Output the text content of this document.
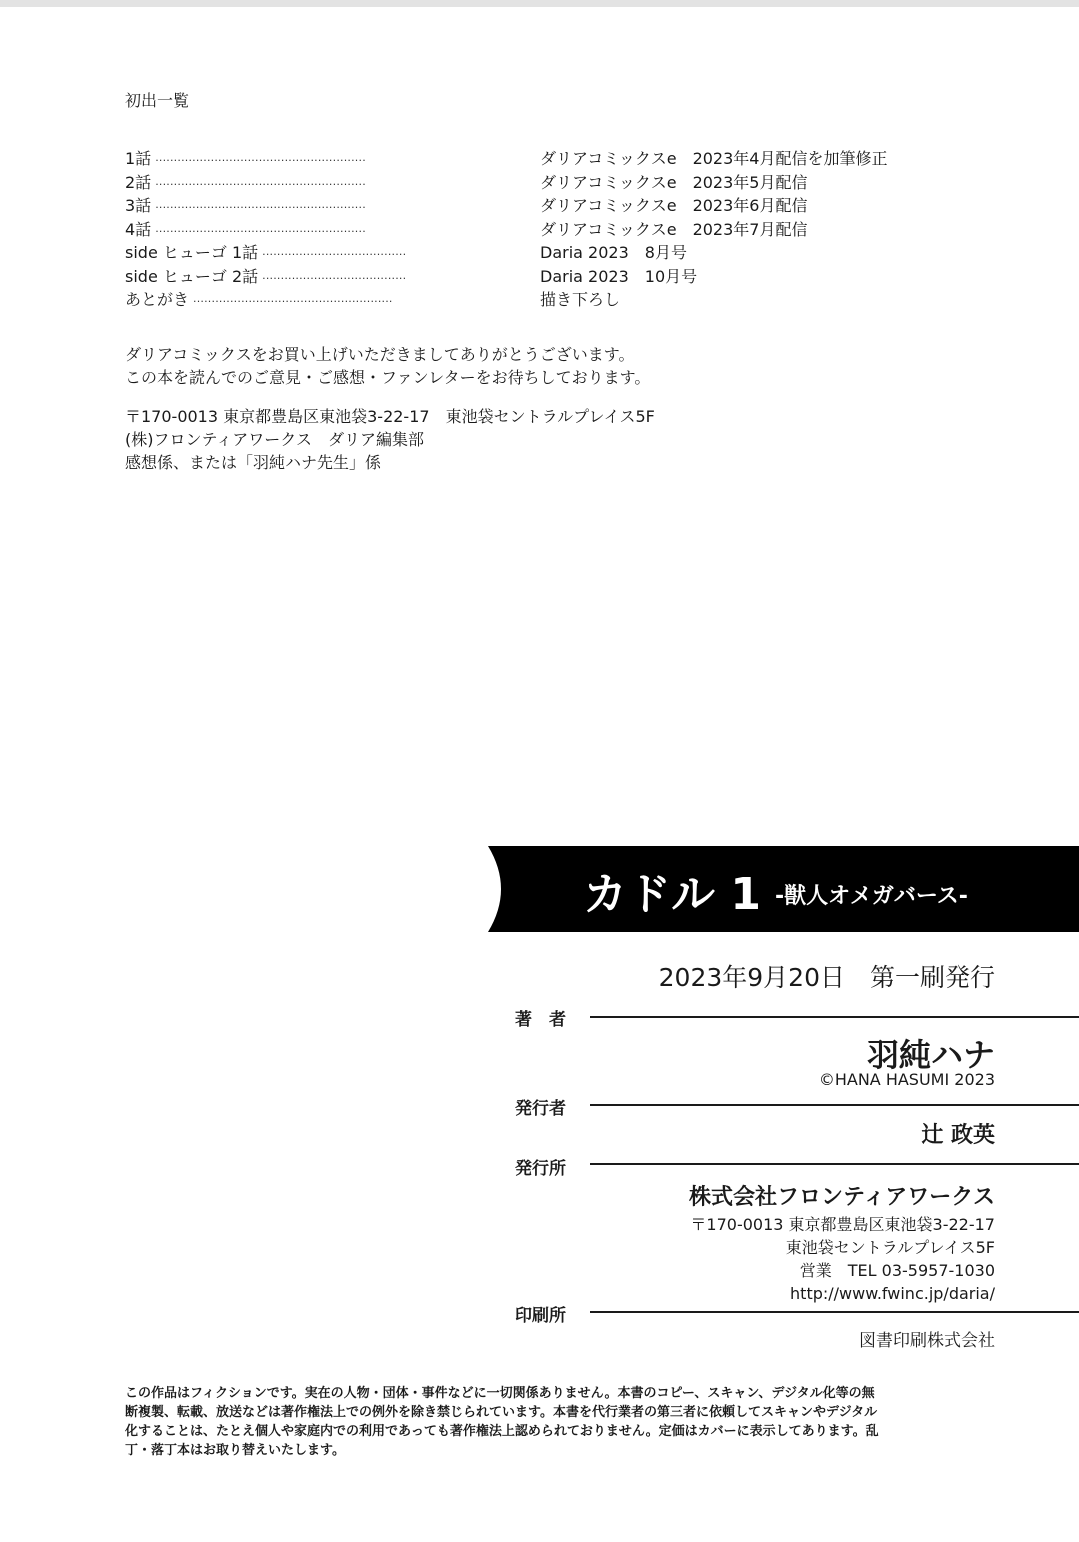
初出一覧
1話 ·························································	ダリアコミックスe　2023年4月配信を加筆修正
2話 ·························································	ダリアコミックスe　2023年5月配信
3話 ·························································	ダリアコミックスe　2023年6月配信
4話 ·························································	ダリアコミックスe　2023年7月配信
side ヒューゴ 1話 ·······································	Daria 2023　8月号
side ヒューゴ 2話 ·······································	Daria 2023　10月号
あとがき ······················································	描き下ろし
ダリアコミックスをお買い上げいただきましてありがとうございます。
この本を読んでのご意見・ご感想・ファンレターをお待ちしております。
〒170-0013 東京都豊島区東池袋3-22-17　東池袋セントラルプレイス5F
(株)フロンティアワークス　ダリア編集部
感想係、または「羽純ハナ先生」係
カドル 1 -獣人オメガバース-
2023年9月20日　第一刷発行
著　者
羽純ハナ
©HANA HASUMI 2023
発行者
辻 政英
発行所
株式会社フロンティアワークス
〒170-0013 東京都豊島区東池袋3-22-17
東池袋セントラルプレイス5F
営業　TEL 03-5957-1030
http://www.fwinc.jp/daria/
印刷所
図書印刷株式会社
この作品はフィクションです。実在の人物・団体・事件などに一切関係ありません。本書のコピー、スキャン、デジタル化等の無
断複製、転載、放送などは著作権法上での例外を除き禁じられています。本書を代行業者の第三者に依頼してスキャンやデジタル
化することは、たとえ個人や家庭内での利用であっても著作権法上認められておりません。定価はカバーに表示してあります。乱
丁・落丁本はお取り替えいたします。
